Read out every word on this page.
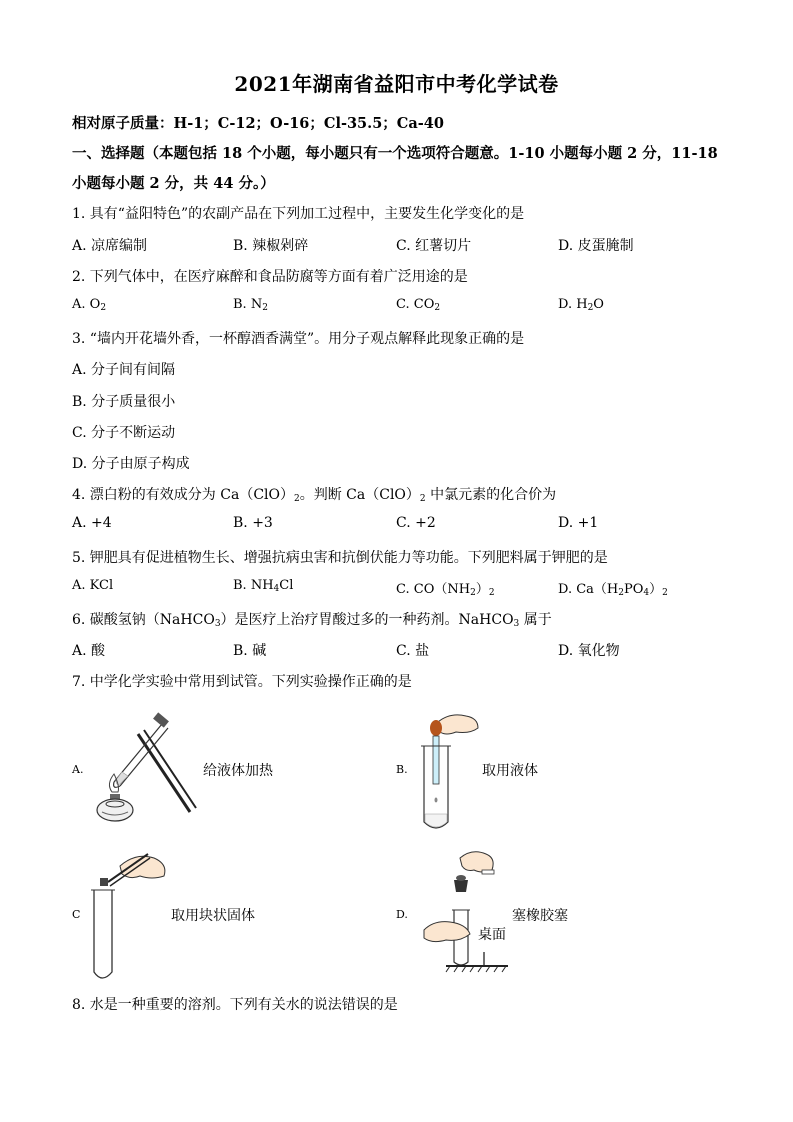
2021年湖南省益阳市中考化学试卷
相对原子质量：H-1；C-12；O-16；Cl-35.5；Ca-40
一、选择题（本题包括 18 个小题，每小题只有一个选项符合题意。1-10 小题每小题 2 分，11-18
小题每小题 2 分，共 44 分。）
1. 具有“益阳特色”的农副产品在下列加工过程中，主要发生化学变化的是
A. 凉席编制	B. 辣椒剁碎	C. 红薯切片	D. 皮蛋腌制
2. 下列气体中，在医疗麻醉和食品防腐等方面有着广泛用途的是
A. $O_2$	B. $N_2$	C. $CO_2$	D. $H_2O$
3. “墙内开花墙外香，一杯醇酒香满堂”。用分子观点解释此现象正确的是
A. 分子间有间隔
B. 分子质量很小
C. 分子不断运动
D. 分子由原子构成
4. 漂白粉的有效成分为 $Ca(ClO)_2$。判断 $Ca(ClO)_2$ 中氯元素的化合价为
A. +4	B. +3	C. +2	D. +1
5. 钾肥具有促进植物生长、增强抗病虫害和抗倒伏能力等功能。下列肥料属于钾肥的是
A. KCl	B. $NH_4Cl$	C. $CO(NH_2)_2$	D. $Ca(H_2PO_4)_2$
6. 碳酸氢钠（NaHCO$_3$）是医疗上治疗胃酸过多的一种药剂。NaHCO$_3$ 属于
A. 酸	B. 碱	C. 盐	D. 氧化物
7. 中学化学实验中常用到试管。下列实验操作正确的是
A.	给液体加热	B.	取用液体
C	取用块状固体	D.	塞橡胶塞
桌面
8. 水是一种重要的溶剂。下列有关水的说法错误的是
